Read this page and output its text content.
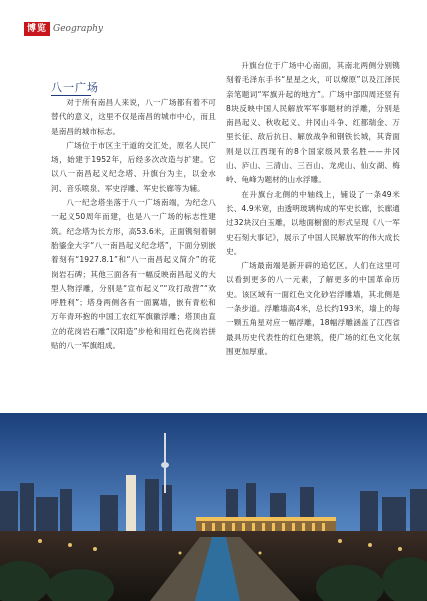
博览 Geography
八一广场

对于所有南昌人来说，八一广场都有着不可替代的意义，这里不仅是南昌的城市中心，而且是南昌的城市标志。

广场位于市区主干道的交汇处，原名人民广场，始建于1952年，后经多次改造与扩建。它以八一南昌起义纪念塔、升旗台为主，以金水河、音乐喷泉、军史浮雕、军史长廊等为辅。

八一纪念塔坐落于八一广场南端，为纪念八一起义50周年而建，也是八一广场的标志性建筑。纪念塔为长方形，高53.6米，正面镌刻着铜胎鎏金大字“八一南昌起义纪念塔”，下面分别嵌着刻有“1927.8.1”和“八一南昌起义简介”的花岗岩石碑；其他三面各有一幅反映南昌起义的大型人物浮雕，分别是“宣布起义”“攻打敌营”“欢呼胜利”；塔身两侧各有一面翼墙，嵌有青松和万年青环抱的中国工农红军旗徽浮雕；塔顶由直立的花岗岩石雕“汉阳造”步枪和用红色花岗岩拼贴的八一军旗组成。

升旗台位于广场中心南面，其南北两侧分别镌刻着毛泽东手书“星星之火，可以燎原”以及江泽民亲笔题词“军旗升起的地方”。广场中部四周还竖有8块反映中国人民解放军军事题材的浮雕，分别是南昌起义、秋收起义、井冈山斗争、红都瑞金、万里长征、敌后抗日、解放战争和钢铁长城，其背面则是以江西现有的8个国家级风景名胜——井冈山、庐山、三清山、三百山、龙虎山、仙女湖、梅岭、龟峰为题材的山水浮雕。

在升旗台北侧的中轴线上，铺设了一条49米长、4.9米宽，由透明玻璃构成的军史长廊，长廊通过32块汉白玉雕，以地面橱窗的形式呈现《八一军史石刻大事记》，展示了中国人民解放军的伟大成长史。

广场最南端是新开辟的追忆区。人们在这里可以看到更多的八一元素，了解更多的中国革命历史。该区域有一面红色文化砂岩浮雕墙，其北侧是一条步道。浮雕墙高4米，总长约193米，墙上的每一颗五角星对应一幅浮雕，18幅浮雕涵盖了江西省最具历史代表性的红色建筑，使广场的红色文化氛围更加厚重。
